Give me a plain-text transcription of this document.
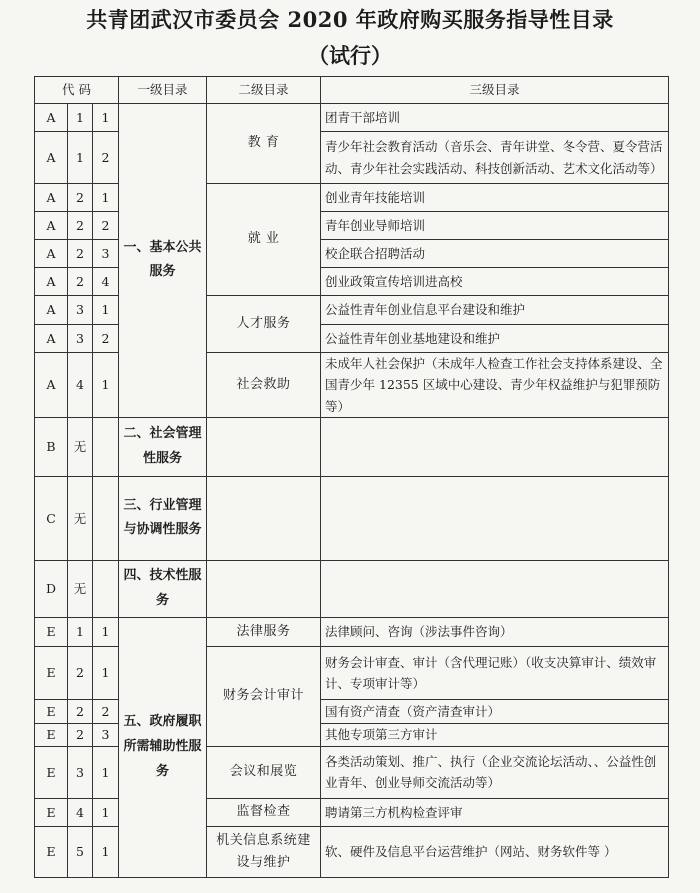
共青团武汉市委员会 2020 年政府购买服务指导性目录
（试行）
代 码			一级目录	二级目录	三级目录
A	1	1	一、基本公共服务	教 育	团青干部培训
A	1	2			青少年社会教育活动（音乐会、青年讲堂、冬令营、夏令营活动、青少年社会实践活动、科技创新活动、艺术文化活动等）
A	2	1		就 业	创业青年技能培训
A	2	2			青年创业导师培训
A	2	3			校企联合招聘活动
A	2	4			创业政策宣传培训进高校
A	3	1		人才服务	公益性青年创业信息平台建设和维护
A	3	2			公益性青年创业基地建设和维护
A	4	1		社会救助	未成年人社会保护（未成年人检查工作社会支持体系建设、全国青少年 12355 区域中心建设、青少年权益维护与犯罪预防等）
B	无		二、社会管理性服务		
C	无		三、行业管理与协调性服务		
D	无		四、技术性服务		
E	1	1	五、政府履职所需辅助性服务	法律服务	法律顾问、咨询（涉法事件咨询）
E	2	1		财务会计审计	财务会计审查、审计（含代理记账）（收支决算审计、绩效审计、专项审计等）
E	2	2			国有资产清查（资产清查审计）
E	2	3			其他专项第三方审计
E	3	1		会议和展览	各类活动策划、推广、执行（企业交流论坛活动、、公益性创业青年、创业导师交流活动等）
E	4	1		监督检查	聘请第三方机构检查评审
E	5	1		机关信息系统建设与维护	软、硬件及信息平台运营维护（网站、财务软件等 ）
